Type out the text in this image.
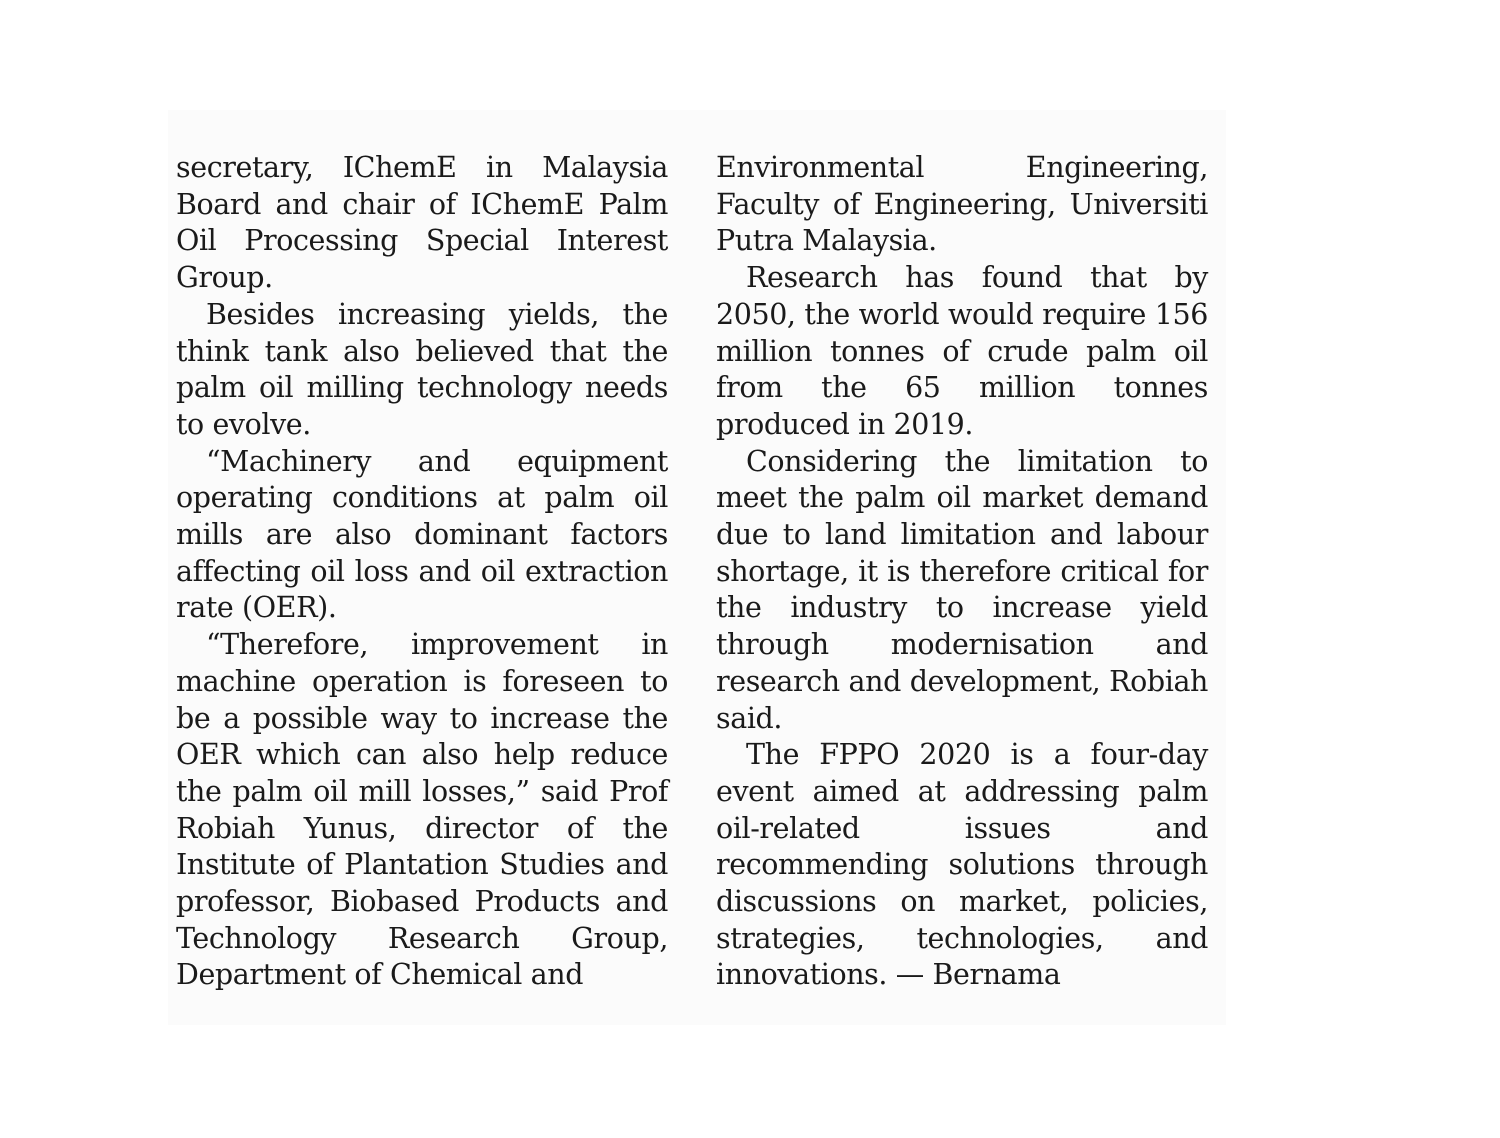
secretary, IChemE in Malaysia Board and chair of IChemE Palm Oil Processing Special Interest Group.

Besides increasing yields, the think tank also believed that the palm oil milling technology needs to evolve.

“Machinery and equipment operating conditions at palm oil mills are also dominant factors affecting oil loss and oil extraction rate (OER).

“Therefore, improvement in machine operation is foreseen to be a possible way to increase the OER which can also help reduce the palm oil mill losses,” said Prof Robiah Yunus, director of the Institute of Plantation Studies and professor, Biobased Products and Technology Research Group, Department of Chemical and

Environmental Engineering, Faculty of Engineering, Universiti Putra Malaysia.

Research has found that by 2050, the world would require 156 million tonnes of crude palm oil from the 65 million tonnes produced in 2019.

Considering the limitation to meet the palm oil market demand due to land limitation and labour shortage, it is therefore critical for the industry to increase yield through modernisation and research and development, Robiah said.

The FPPO 2020 is a four-day event aimed at addressing palm oil-related issues and recommending solutions through discussions on market, policies, strategies, technologies, and innovations. — Bernama
